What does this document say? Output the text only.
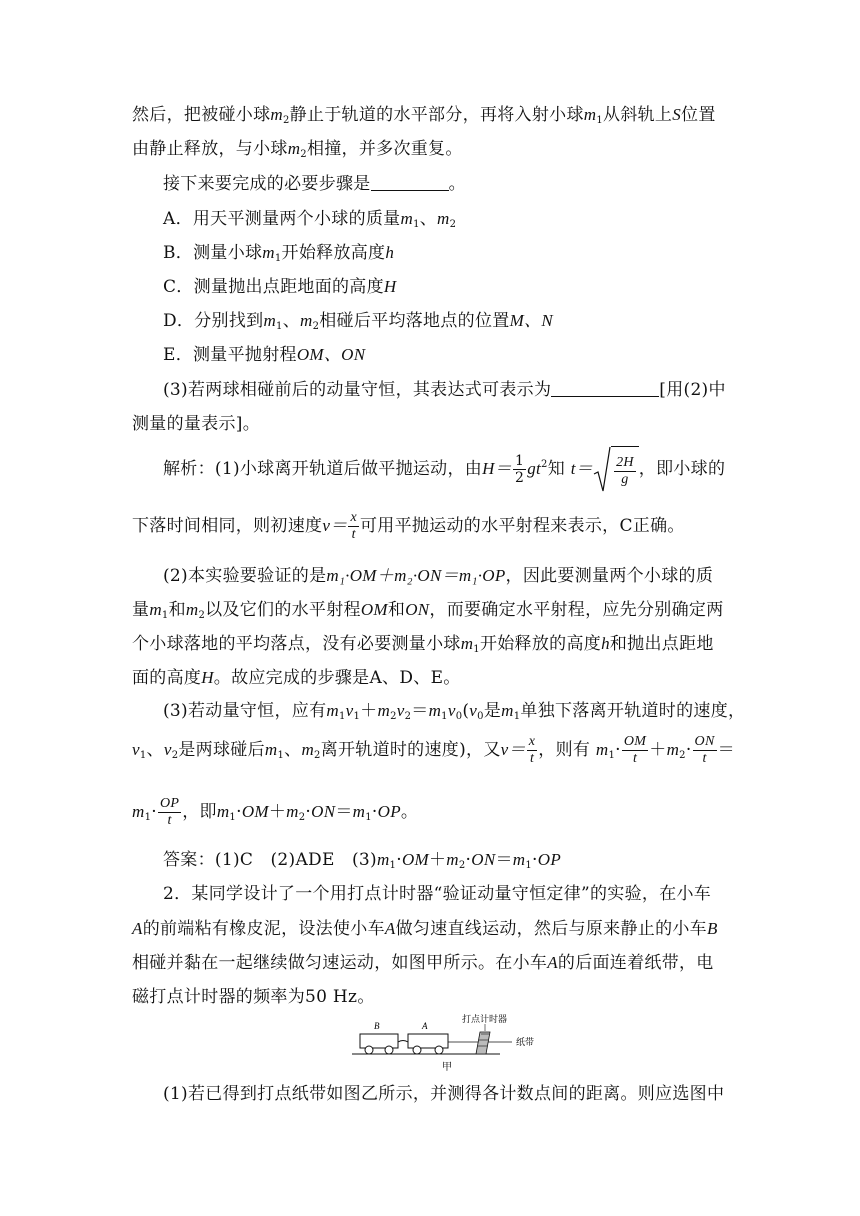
然后，把被碰小球$m_2$静止于轨道的水平部分，再将入射小球$m_1$从斜轨上S位置
由静止释放，与小球$m_2$相撞，并多次重复。
接下来要完成的必要步骤是	。
A．用天平测量两个小球的质量$m_1$、$m_2$
B．测量小球$m_1$开始释放高度h
C．测量抛出点距地面的高度H
D．分别找到$m_1$、$m_2$相碰后平均落地点的位置M、N
E．测量平抛射程OM、ON
(3)若两球相碰前后的动量守恒，其表达式可表示为	[用(2)中
测量的量表示]。
解析：(1)小球离开轨道后做平抛运动，由$H= \frac{1}{2} gt^2$知 $t= \frac{2H}{g}$ ，即小球的
下落时间相同，则初速度$v= \frac{x}{t}$ 可用平抛运动的水平射程来表示，C正确。
(2)本实验要验证的是m₁·OM＋m₂·ON＝m₁·OP，因此要测量两个小球的质
量$m_1$和$m_2$以及它们的水平射程OM和ON，而要确定水平射程，应先分别确定两
个小球落地的平均落点，没有必要测量小球$m_1$开始释放的高度h和抛出点距地
面的高度H。故应完成的步骤是A、D、E。
(3)若动量守恒，应有$m_1v_1+m_2v_2=m_1v_0(v_0$是$m_1$单独下落离开轨道时的速度，
$v_1$、$v_2$是两球碰后$m_1$、$m_2$离开轨道时的速度)，又$v= \frac{x}{t}$ ，则有 $m_1\cdot \frac{OM}{t} +m_2\cdot \frac{ON}{t}$ ＝
$m_1\cdot \frac{OP}{t}$ ，即$m_1\cdot OM+m_2\cdot ON=m_1\cdot OP$。
答案：(1)C　(2)ADE　$(3)m_1\cdot OM+m_2\cdot ON=m_1\cdot OP$
2．某同学设计了一个用打点计时器“验证动量守恒定律”的实验，在小车
A的前端粘有橡皮泥，设法使小车A做匀速直线运动，然后与原来静止的小车B
相碰并黏在一起继续做匀速运动，如图甲所示。在小车A的后面连着纸带，电
磁打点计时器的频率为50 Hz。
B	A
打点计时器
纸带
甲
(1)若已得到打点纸带如图乙所示，并测得各计数点间的距离。则应选图中
